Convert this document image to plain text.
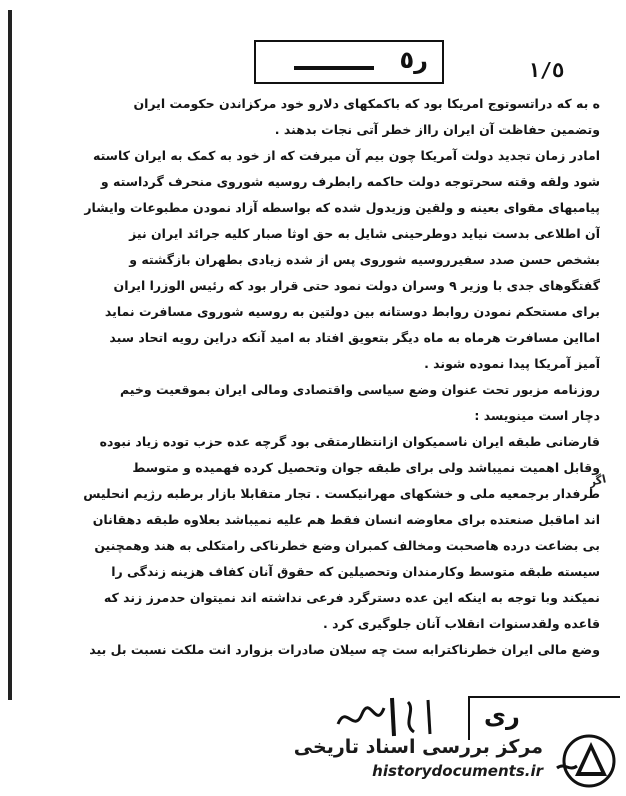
ر٥	١/٥
ه به که دراتسوتوج امریکا بود که باکمکهای دلارو خود مرکزاندن حکومت ایران
وتضمین حفاظت آن ایران رااز خطر آتی نجات بدهند .
امادر زمان تجدید دولت آمریکا چون بیم آن میرفت که از خود به کمک به ایران کاسته
شود ولقه وقته سحرتوجه دولت حاکمه رابطرف روسیه شوروی منحرف گرداسته و
پیامبهای مقوای بعینه و ولقین وزیدول شده که بواسطه آزاد نمودن مطبوعات وایشار
آن اطلاعی بدست نیاید دوطرحینی شایل به حق اوثا صبار کلیه جرائد ایران نیز
بشخص حسن صدد سفیرروسیه شوروی پس از شده زیادی بطهران بازگشته و
گفتگوهای جدی با وزیر ۹ وسران دولت نمود حتی قرار بود که رئیس الوزرا ایران
برای مستحکم نمودن روابط دوستانه بین دولتین به روسیه شوروی مسافرت نماید
امااین مسافرت هرماه به ماه دیگر بتعویق افتاد به امید آنکه دراین رویه اتحاد سبد
آمیز آمریکا پیدا نموده شوند .
روزنامه مزبور تحت عنوان وضع سیاسی واقتصادی ومالی ایران بموقعیت وخیم
دچار است مینویسد :
قارضانی طبقه ایران ناسمیکوان ازانتظارمتقی بود گرچه عده حزب توده زیاد نبوده
وقابل اهمیت نمیباشد ولی برای طبقه جوان وتحصیل کرده فهمیده و متوسط
طرفدار برجمعیه ملی و خشکهای مهرانیکست . تجار متقابلا بازار برطبه رژیم انحلیس
اند اماقبل صنعتده برای معاوضه انسان فقط هم علیه نمیباشد بعلاوه طبقه دهقانان
بی بضاعت درده هاصحبت ومخالف کمبران وضع خطرناکی رامتکلی به هند وهمچنین
سیسته طبقه متوسط وکارمندان وتحصیلین که حقوق آنان کفاف هزینه زندگی را
نمیکند وبا توجه به اینکه این عده دسترگرد فرعی نداشته اند نمیتوان حدمرز زند که
قاعده ولقدسنوات انقلاب آنان جلوگیری کرد .
وضع مالی ایران خطرناکترابه ست چه سیلان صادرات بزوارد انت ملکت نسبت بل بید
اگر
ری
مرکز بررسی اسناد تاریخی
historydocuments.ir
